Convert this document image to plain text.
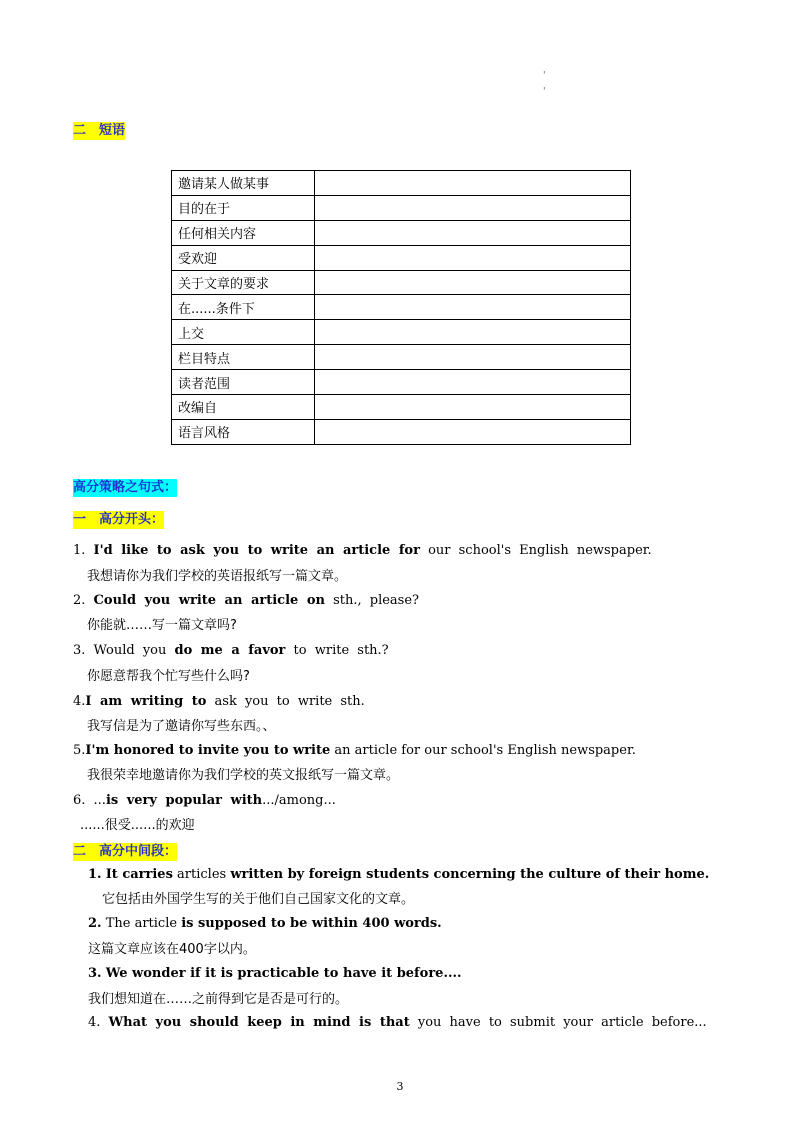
'
'
二　短语
邀请某人做某事	
目的在于	
任何相关内容	
受欢迎	
关于文章的要求	
在......条件下	
上交	
栏目特点	
读者范围	
改编自	
语言风格	
高分策略之句式：
一　高分开头：
1. I'd like to ask you to write an article for our school's English newspaper.
我想请你为我们学校的英语报纸写一篇文章。
2. Could you write an article on sth., please?
你能就……写一篇文章吗?
3. Would you do me a favor to write sth.?
你愿意帮我个忙写些什么吗?
4.I am writing to ask you to write sth.
我写信是为了邀请你写些东西。、
5.I'm honored to invite you to write an article for our school's English newspaper.
我很荣幸地邀请你为我们学校的英文报纸写一篇文章。
6. ...is very popular with.../among...
......很受......的欢迎
二　高分中间段：
1. It carries articles written by foreign students concerning the culture of their home.
它包括由外国学生写的关于他们自己国家文化的文章。
2. The article is supposed to be within 400 words.
这篇文章应该在400字以内。
3. We wonder if it is practicable to have it before....
我们想知道在……之前得到它是否是可行的。
4. What you should keep in mind is that you have to submit your article before...
3
